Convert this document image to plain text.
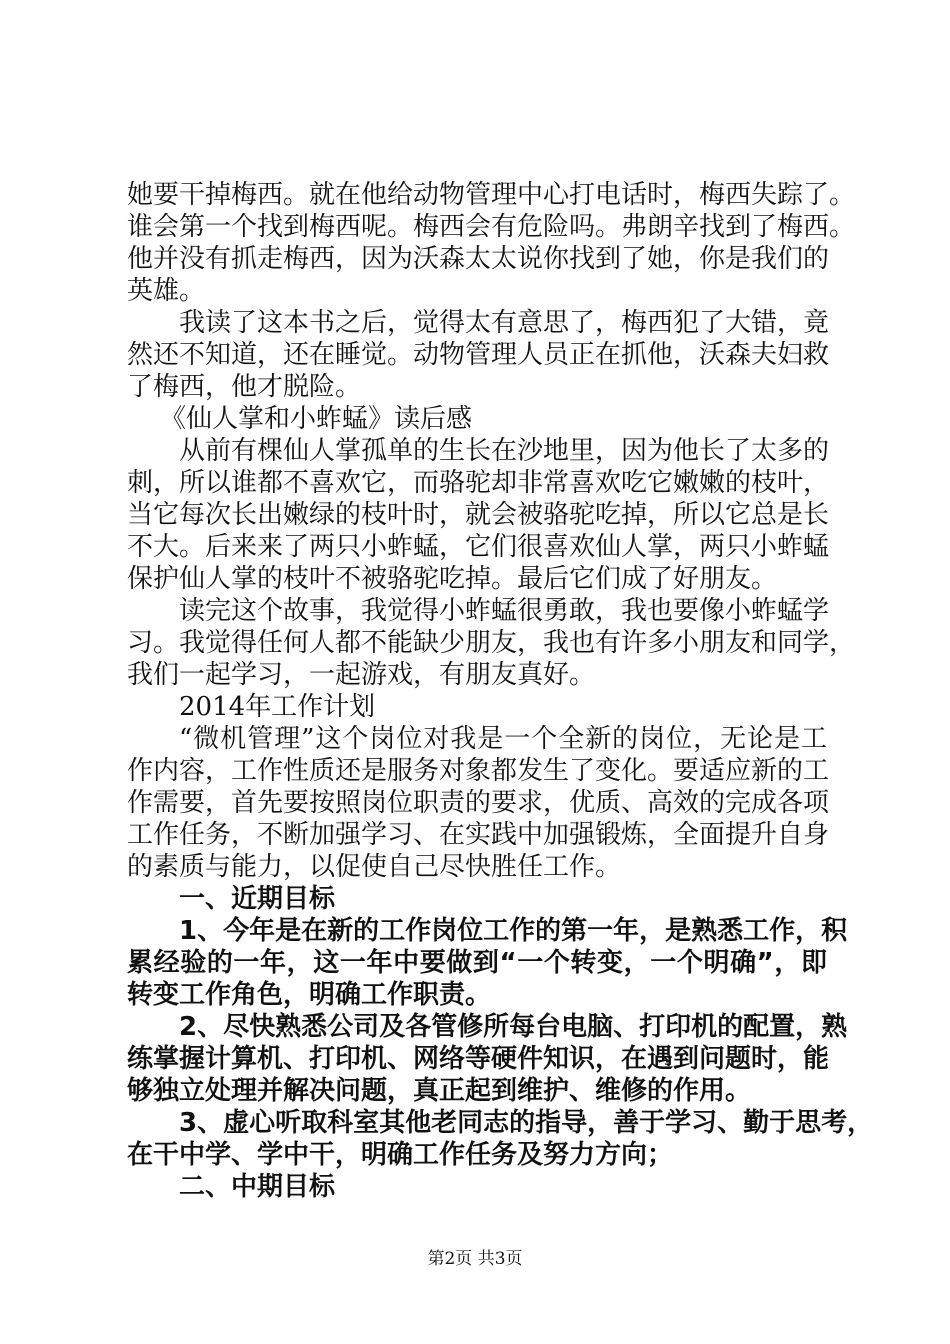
她要干掉梅西。就在他给动物管理中心打电话时，梅西失踪了。
谁会第一个找到梅西呢。梅西会有危险吗。弗朗辛找到了梅西。
他并没有抓走梅西，因为沃森太太说你找到了她，你是我们的
英雄。
我读了这本书之后，觉得太有意思了，梅西犯了大错，竟
然还不知道，还在睡觉。动物管理人员正在抓他，沃森夫妇救
了梅西，他才脱险。
《仙人掌和小蚱蜢》读后感
从前有棵仙人掌孤单的生长在沙地里，因为他长了太多的
刺，所以谁都不喜欢它，而骆驼却非常喜欢吃它嫩嫩的枝叶，
当它每次长出嫩绿的枝叶时，就会被骆驼吃掉，所以它总是长
不大。后来来了两只小蚱蜢，它们很喜欢仙人掌，两只小蚱蜢
保护仙人掌的枝叶不被骆驼吃掉。最后它们成了好朋友。
读完这个故事，我觉得小蚱蜢很勇敢，我也要像小蚱蜢学
习。我觉得任何人都不能缺少朋友，我也有许多小朋友和同学，
我们一起学习，一起游戏，有朋友真好。
2014年工作计划
“微机管理”这个岗位对我是一个全新的岗位，无论是工
作内容，工作性质还是服务对象都发生了变化。要适应新的工
作需要，首先要按照岗位职责的要求，优质、高效的完成各项
工作任务，不断加强学习、在实践中加强锻炼，全面提升自身
的素质与能力，以促使自己尽快胜任工作。
一、近期目标
1、今年是在新的工作岗位工作的第一年，是熟悉工作，积
累经验的一年，这一年中要做到“一个转变，一个明确”，即
转变工作角色，明确工作职责。
2、尽快熟悉公司及各管修所每台电脑、打印机的配置，熟
练掌握计算机、打印机、网络等硬件知识，在遇到问题时，能
够独立处理并解决问题，真正起到维护、维修的作用。
3、虚心听取科室其他老同志的指导，善于学习、勤于思考，
在干中学、学中干，明确工作任务及努力方向；
二、中期目标
第2页 共3页
